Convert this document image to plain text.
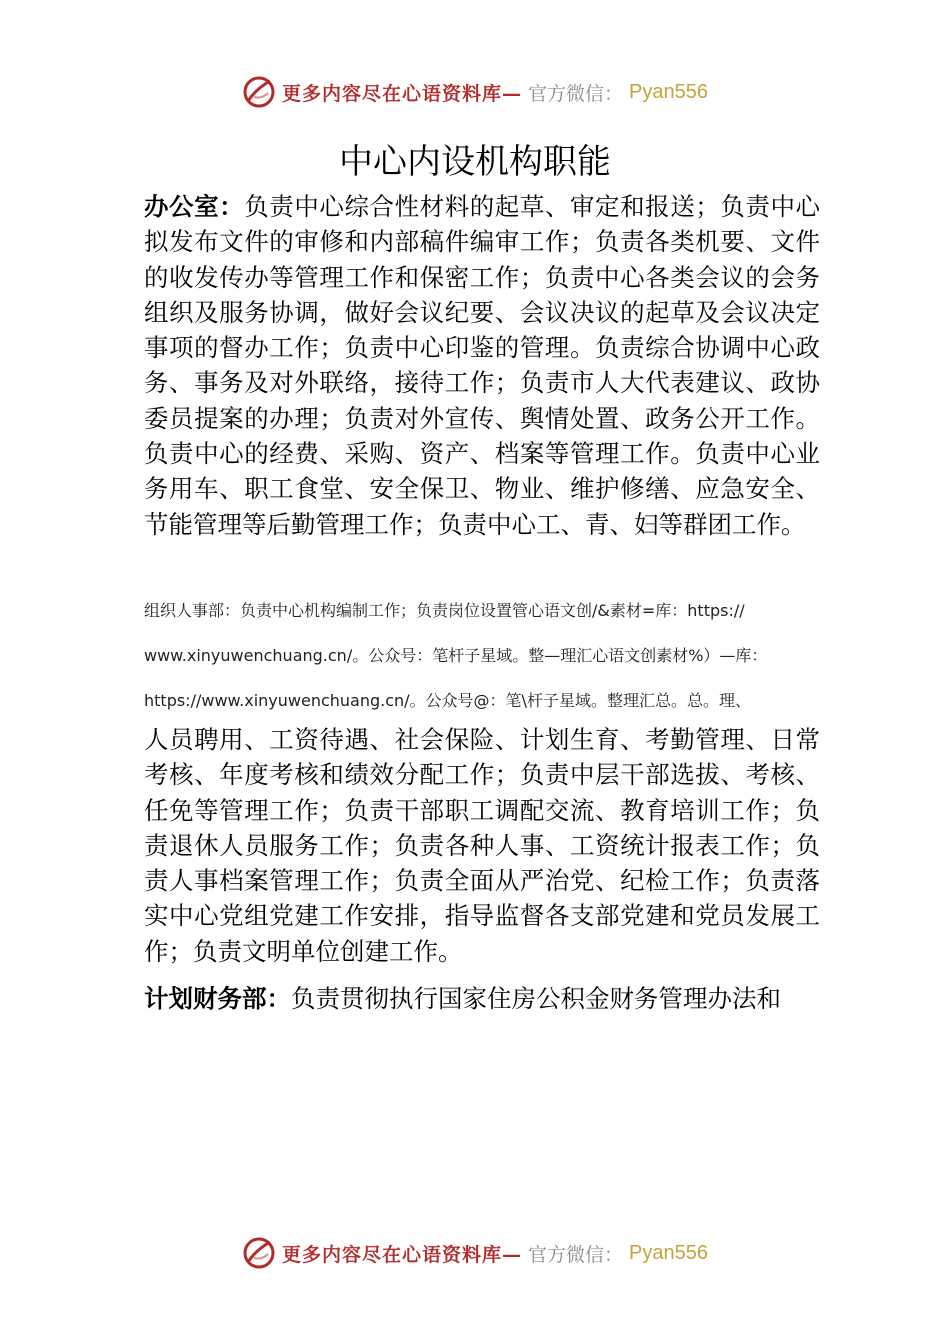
更多内容尽在心语资料库— 官方微信： Pyan556
中心内设机构职能

办公室：负责中心综合性材料的起草、审定和报送；负责中心拟发布文件的审修和内部稿件编审工作；负责各类机要、文件的收发传办等管理工作和保密工作；负责中心各类会议的会务组织及服务协调，做好会议纪要、会议决议的起草及会议决定事项的督办工作；负责中心印鉴的管理。负责综合协调中心政务、事务及对外联络，接待工作；负责市人大代表建议、政协委员提案的办理；负责对外宣传、舆情处置、政务公开工作。负责中心的经费、采购、资产、档案等管理工作。负责中心业务用车、职工食堂、安全保卫、物业、维护修缮、应急安全、节能管理等后勤管理工作；负责中心工、青、妇等群团工作。

组织人事部：负责中心机构编制工作；负责岗位设置管心语文创/&素材=库：https://

www.xinyuwenchuang.cn/。公众号：笔杆子星域。整—理汇心语文创素材%）—库：

https://www.xinyuwenchuang.cn/。公众号@：笔\杆子星域。整理汇总。总。理、

人员聘用、工资待遇、社会保险、计划生育、考勤管理、日常考核、年度考核和绩效分配工作；负责中层干部选拔、考核、任免等管理工作；负责干部职工调配交流、教育培训工作；负责退休人员服务工作；负责各种人事、工资统计报表工作；负责人事档案管理工作；负责全面从严治党、纪检工作；负责落实中心党组党建工作安排，指导监督各支部党建和党员发展工作；负责文明单位创建工作。

计划财务部：负责贯彻执行国家住房公积金财务管理办法和

更多内容尽在心语资料库— 官方微信： Pyan556
